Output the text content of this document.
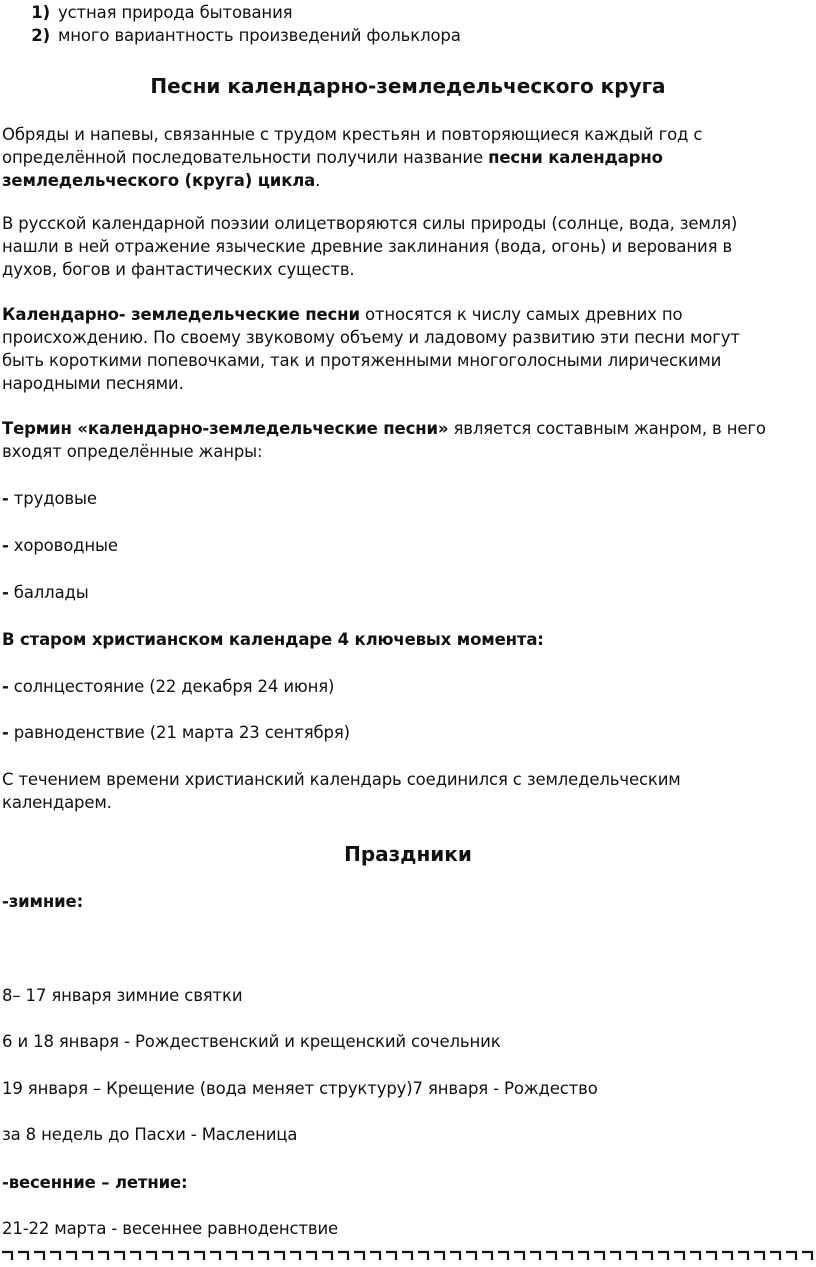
1) устная природа бытования
2) много вариантность произведений фольклора
Песни календарно-земледельческого круга
Обряды и напевы, связанные с трудом крестьян и повторяющиеся каждый год с
определённой последовательности получили название песни календарно
земледельческого (круга) цикла.
В русской календарной поэзии олицетворяются силы природы (солнце, вода, земля)
нашли в ней отражение языческие древние заклинания (вода, огонь) и верования в
духов, богов и фантастических существ.
Календарно- земледельческие песни относятся к числу самых древних по
происхождению. По своему звуковому объему и ладовому развитию эти песни могут
быть короткими попевочками, так и протяженными многоголосными лирическими
народными песнями.
Термин «календарно-земледельческие песни» является составным жанром, в него
входят определённые жанры:
- трудовые
- хороводные
- баллады
В старом христианском календаре 4 ключевых момента:
- солнцестояние (22 декабря 24 июня)
- равноденствие (21 марта 23 сентября)
С течением времени христианский календарь соединился с земледельческим
календарем.
Праздники
-зимние:
8– 17 января зимние святки
6 и 18 января - Рождественский и крещенский сочельник
19 января – Крещение (вода меняет структуру)7 января - Рождество
за 8 недель до Пасхи - Масленица
-весенние – летние:
21-22 марта - весеннее равноденствие
